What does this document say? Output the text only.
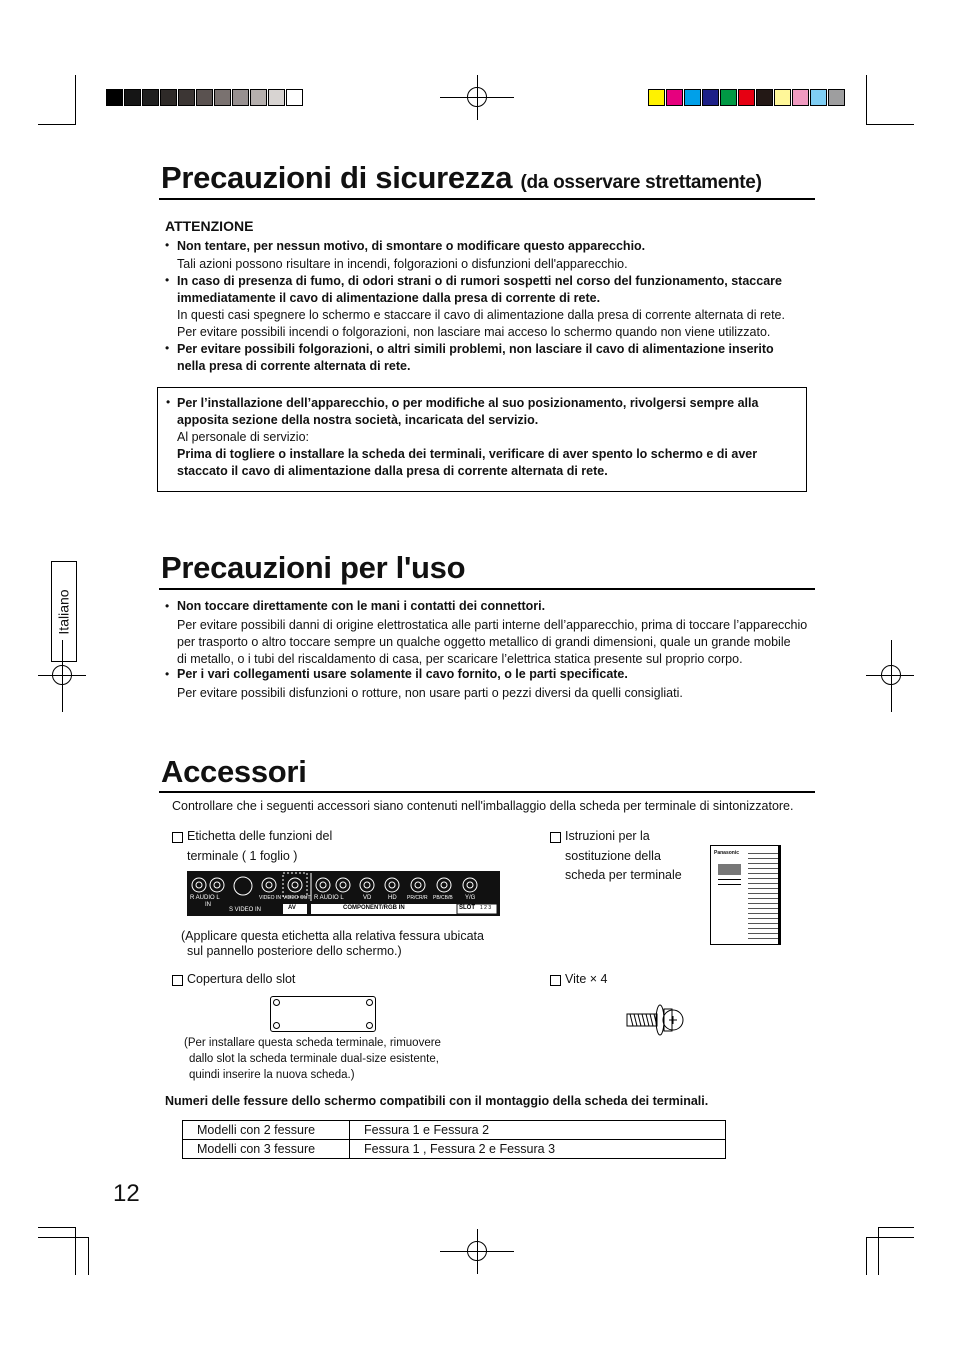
Precauzioni di sicurezza (da osservare strettamente)
ATTENZIONE
• Non tentare, per nessun motivo, di smontare o modificare questo apparecchio.
Tali azioni possono risultare in incendi, folgorazioni o disfunzioni dell'apparecchio.
• In caso di presenza di fumo, di odori strani o di rumori sospetti nel corso del funzionamento, staccare
immediatamente il cavo di alimentazione dalla presa di corrente di rete.
In questi casi spegnere lo schermo e staccare il cavo di alimentazione dalla presa di corrente alternata di rete.
Per evitare possibili incendi o folgorazioni, non lasciare mai acceso lo schermo quando non viene utilizzato.
• Per evitare possibili folgorazioni, o altri simili problemi, non lasciare il cavo di alimentazione inserito
nella presa di corrente alternata di rete.
• Per l’installazione dell’apparecchio, o per modifiche al suo posizionamento, rivolgersi sempre alla
apposita sezione della nostra società, incaricata del servizio.
Al personale di servizio:
Prima di togliere o installare la scheda dei terminali, verificare di aver spento lo schermo e di aver
staccato il cavo di alimentazione dalla presa di corrente alternata di rete.
Italiano
Precauzioni per l'uso
• Non toccare direttamente con le mani i contatti dei connettori.
Per evitare possibili danni di origine elettrostatica alle parti interne dell’apparecchio, prima di toccare l’apparecchio
per trasporto o altro toccare sempre un qualche oggetto metallico di grandi dimensioni, quale un grande mobile
di metallo, o i tubi del riscaldamento di casa, per scaricare l’elettrica statica presente sul proprio corpo.
• Per i vari collegamenti usare solamente il cavo fornito, o le parti specificate.
Per evitare possibili disfunzioni o rotture, non usare parti o pezzi diversi da quelli consigliati.
Accessori
Controllare che i seguenti accessori siano contenuti nell'imballaggio della scheda per terminale di sintonizzatore.
Etichetta delle funzioni del
terminale ( 1 foglio )
R AUDIO L
IN
S VIDEO IN
VIDEO IN VIDEO OUT
AV
R AUDIO L	VD	HD PR/CR/R PB/CB/B Y/G
COMPONENT/RGB IN	SLOT 1 2 3
(Applicare questa etichetta alla relativa fessura ubicata
sul pannello posteriore dello schermo.)
Istruzioni per la
sostituzione della
scheda per terminale
Panasonic
Copertura dello slot
(Per installare questa scheda terminale, rimuovere
dallo slot la scheda terminale dual-size esistente,
quindi inserire la nuova scheda.)
Vite × 4
Numeri delle fessure dello schermo compatibili con il montaggio della scheda dei terminali.
Modelli con 2 fessure	Fessura 1 e Fessura 2
Modelli con 3 fessure	Fessura 1 , Fessura 2 e Fessura 3
12
